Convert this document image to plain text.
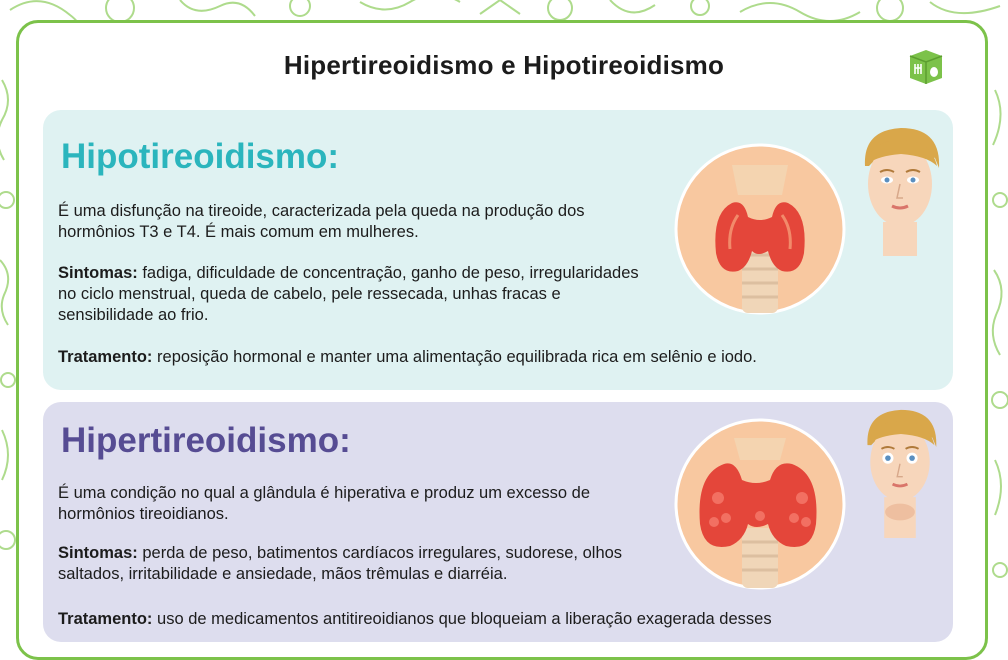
Hipertireoidismo e Hipotireoidismo
Hipotireoidismo:

É uma disfunção na tireoide, caracterizada pela queda na produção dos hormônios T3 e T4. É mais comum em mulheres.

Sintomas: fadiga, dificuldade de concentração, ganho de peso, irregularidades no ciclo menstrual, queda de cabelo, pele ressecada, unhas fracas e sensibilidade ao frio.

Tratamento: reposição hormonal e manter uma alimentação equilibrada rica em selênio e iodo.

Hipertireoidismo:

É uma condição no qual a glândula é hiperativa e produz um excesso de hormônios tireoidianos.

Sintomas: perda de peso, batimentos cardíacos irregulares, sudorese, olhos saltados, irritabilidade e ansiedade, mãos trêmulas e diarréia.

Tratamento: uso de medicamentos antitireoidianos que bloqueiam a liberação exagerada desses
